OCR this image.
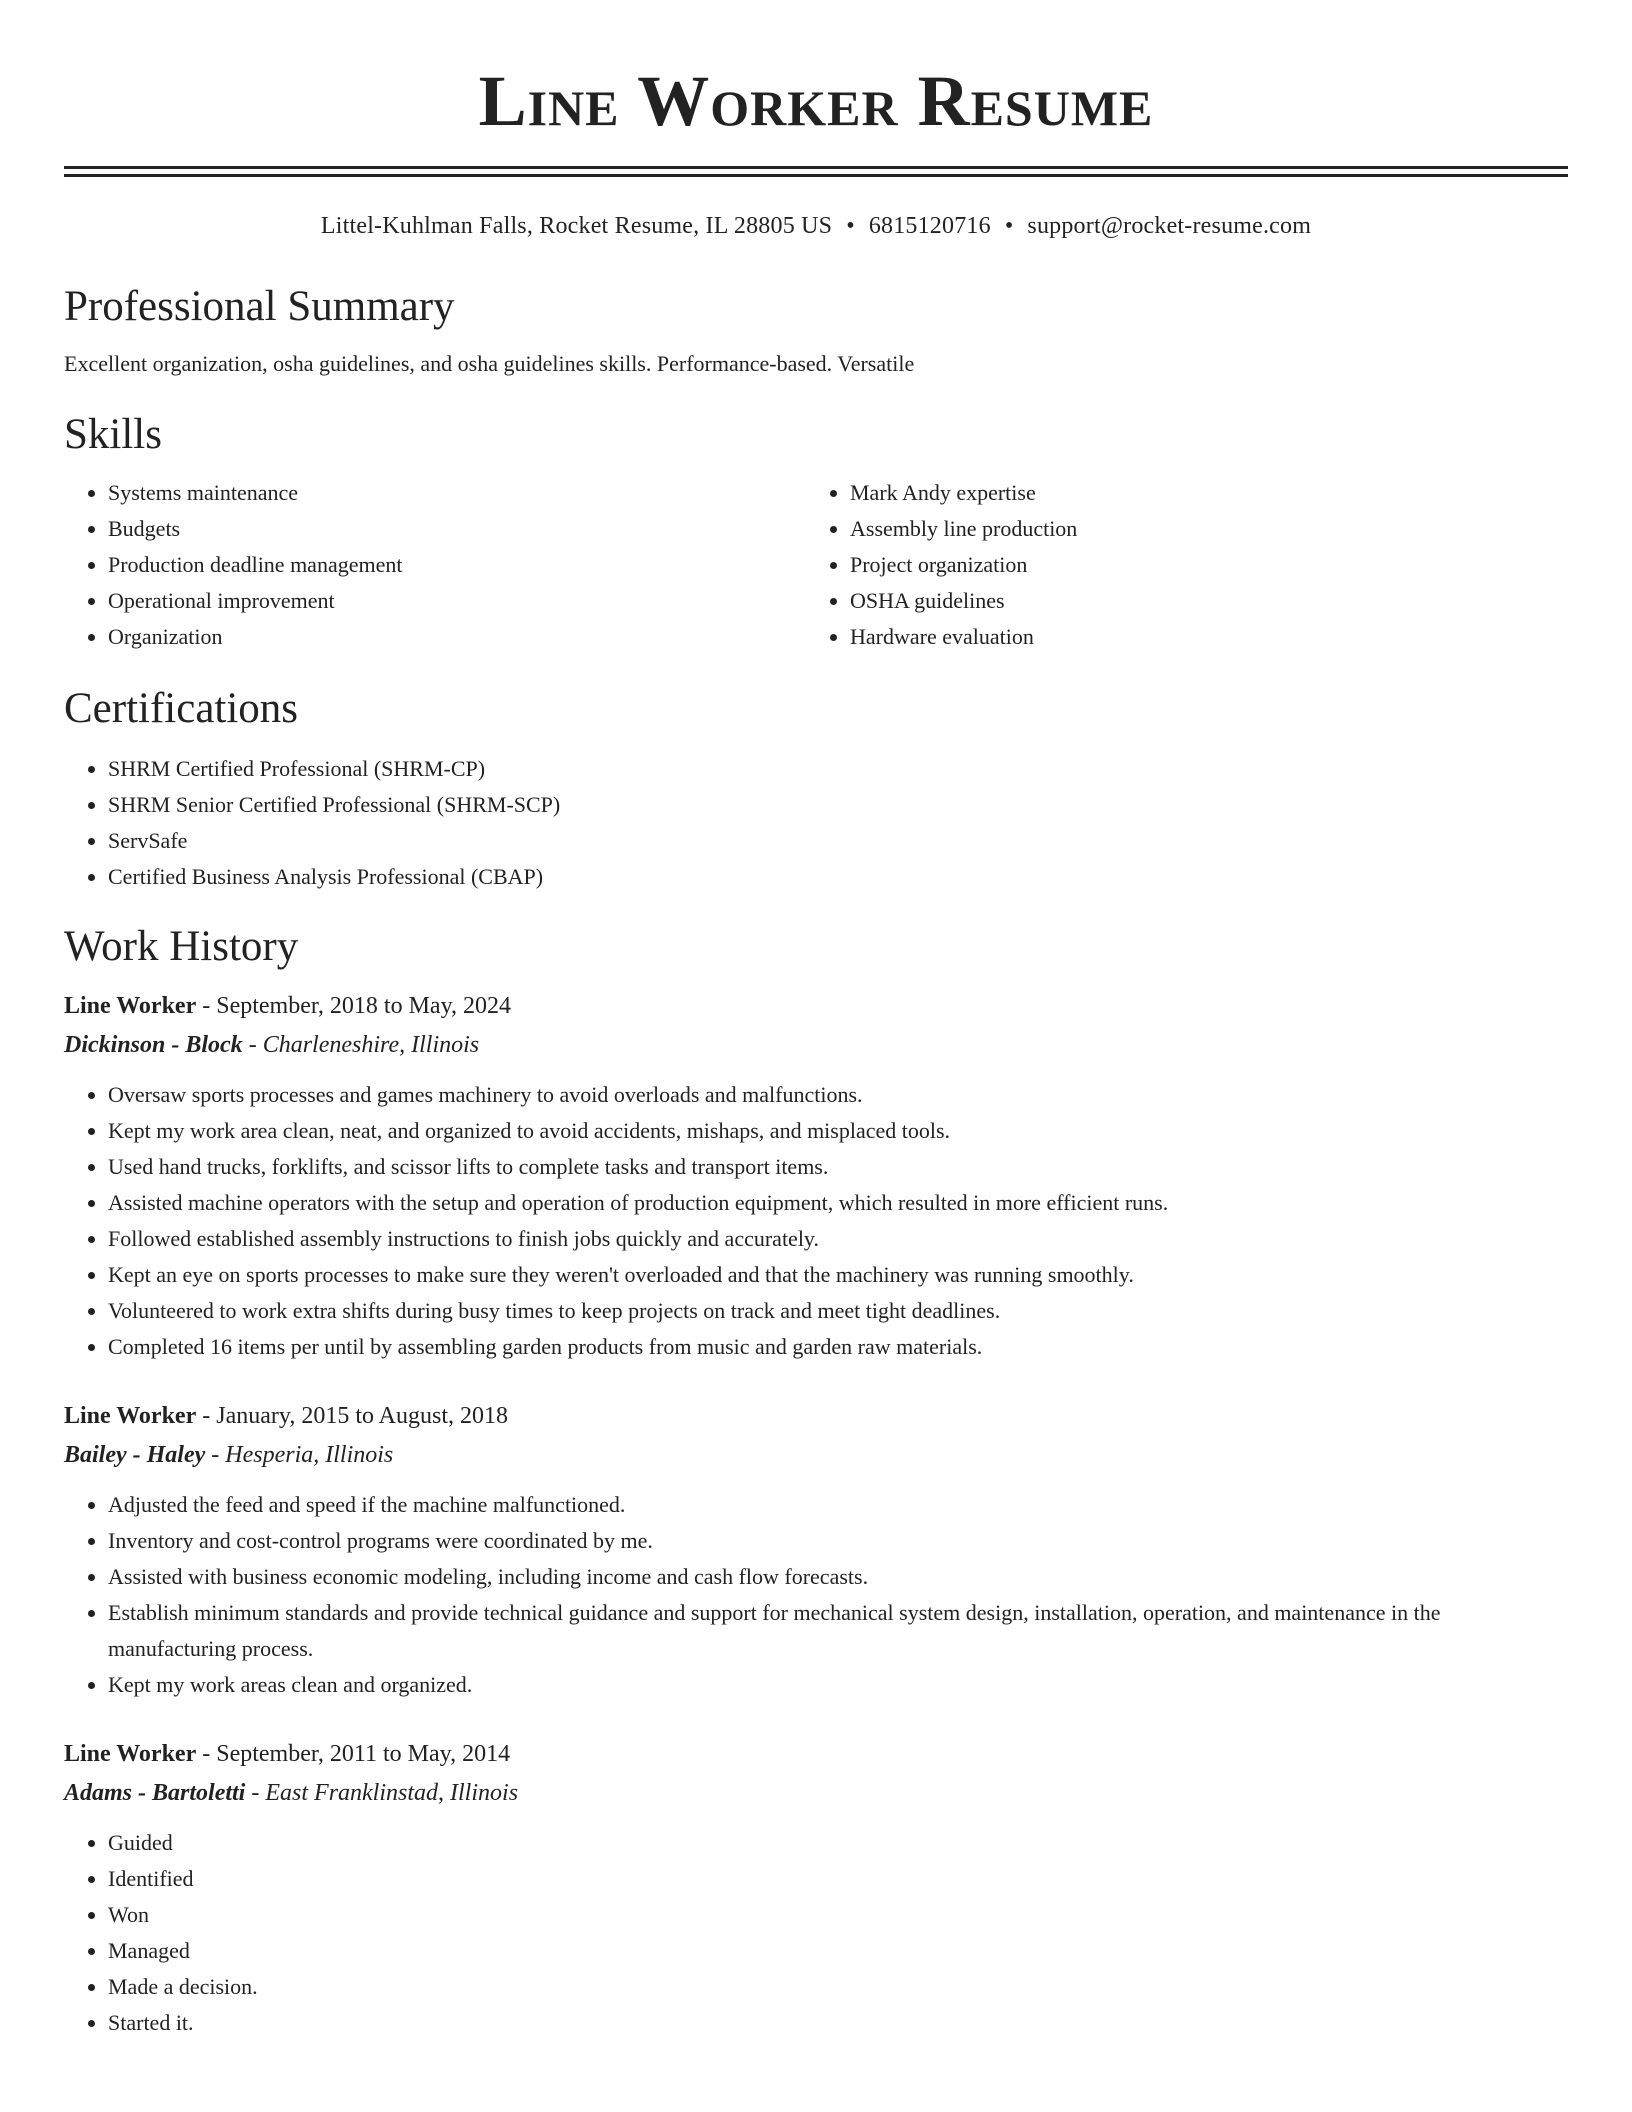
Line Worker Resume
Littel-Kuhlman Falls, Rocket Resume, IL 28805 US • 6815120716 • support@rocket-resume.com
Professional Summary
Excellent organization, osha guidelines, and osha guidelines skills. Performance-based. Versatile
Skills
• Systems maintenance
• Budgets
• Production deadline management
• Operational improvement
• Organization
• Mark Andy expertise
• Assembly line production
• Project organization
• OSHA guidelines
• Hardware evaluation
Certifications
• SHRM Certified Professional (SHRM-CP)
• SHRM Senior Certified Professional (SHRM-SCP)
• ServSafe
• Certified Business Analysis Professional (CBAP)
Work History
Line Worker - September, 2018 to May, 2024
Dickinson - Block - Charleneshire, Illinois
• Oversaw sports processes and games machinery to avoid overloads and malfunctions.
• Kept my work area clean, neat, and organized to avoid accidents, mishaps, and misplaced tools.
• Used hand trucks, forklifts, and scissor lifts to complete tasks and transport items.
• Assisted machine operators with the setup and operation of production equipment, which resulted in more efficient runs.
• Followed established assembly instructions to finish jobs quickly and accurately.
• Kept an eye on sports processes to make sure they weren't overloaded and that the machinery was running smoothly.
• Volunteered to work extra shifts during busy times to keep projects on track and meet tight deadlines.
• Completed 16 items per until by assembling garden products from music and garden raw materials.
Line Worker - January, 2015 to August, 2018
Bailey - Haley - Hesperia, Illinois
• Adjusted the feed and speed if the machine malfunctioned.
• Inventory and cost-control programs were coordinated by me.
• Assisted with business economic modeling, including income and cash flow forecasts.
• Establish minimum standards and provide technical guidance and support for mechanical system design, installation, operation, and maintenance in the manufacturing process.
• Kept my work areas clean and organized.
Line Worker - September, 2011 to May, 2014
Adams - Bartoletti - East Franklinstad, Illinois
• Guided
• Identified
• Won
• Managed
• Made a decision.
• Started it.
